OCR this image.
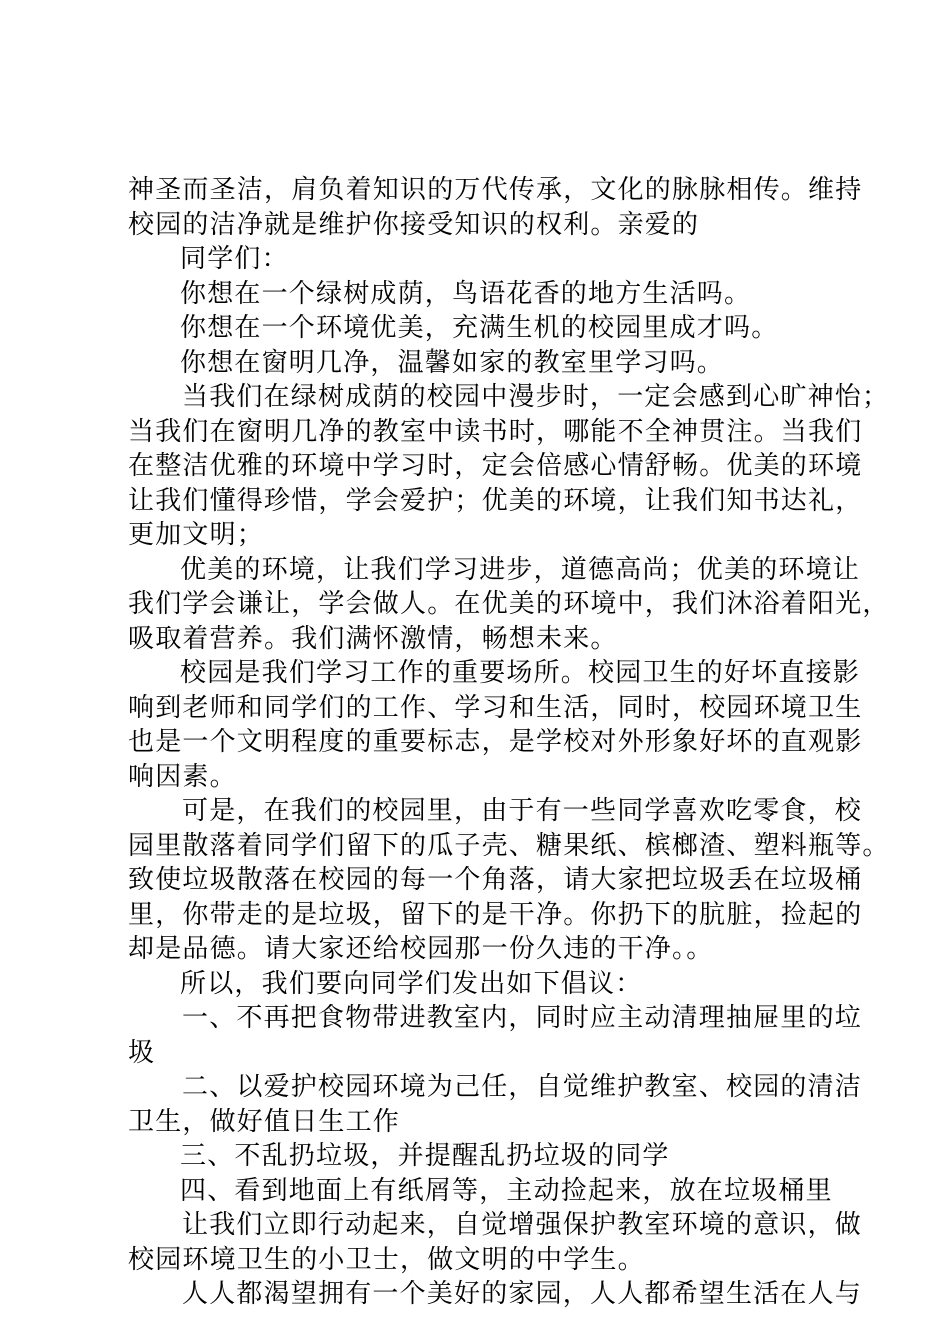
神圣而圣洁，肩负着知识的万代传承，文化的脉脉相传。维持
校园的洁净就是维护你接受知识的权利。亲爱的
同学们：
你想在一个绿树成荫，鸟语花香的地方生活吗。
你想在一个环境优美，充满生机的校园里成才吗。
你想在窗明几净，温馨如家的教室里学习吗。
当我们在绿树成荫的校园中漫步时，一定会感到心旷神怡；
当我们在窗明几净的教室中读书时，哪能不全神贯注。当我们
在整洁优雅的环境中学习时，定会倍感心情舒畅。优美的环境
让我们懂得珍惜，学会爱护；优美的环境，让我们知书达礼，
更加文明；
优美的环境，让我们学习进步，道德高尚；优美的环境让
我们学会谦让，学会做人。在优美的环境中，我们沐浴着阳光，
吸取着营养。我们满怀激情，畅想未来。
校园是我们学习工作的重要场所。校园卫生的好坏直接影
响到老师和同学们的工作、学习和生活，同时，校园环境卫生
也是一个文明程度的重要标志，是学校对外形象好坏的直观影
响因素。
可是，在我们的校园里，由于有一些同学喜欢吃零食，校
园里散落着同学们留下的瓜子壳、糖果纸、槟榔渣、塑料瓶等。
致使垃圾散落在校园的每一个角落，请大家把垃圾丢在垃圾桶
里，你带走的是垃圾，留下的是干净。你扔下的肮脏，捡起的
却是品德。请大家还给校园那一份久违的干净。。
所以，我们要向同学们发出如下倡议：
一、不再把食物带进教室内，同时应主动清理抽屉里的垃
圾
二、以爱护校园环境为己任，自觉维护教室、校园的清洁
卫生，做好值日生工作
三、不乱扔垃圾，并提醒乱扔垃圾的同学
四、看到地面上有纸屑等，主动捡起来，放在垃圾桶里
让我们立即行动起来，自觉增强保护教室环境的意识，做
校园环境卫生的小卫士，做文明的中学生。
人人都渴望拥有一个美好的家园，人人都希望生活在人与
